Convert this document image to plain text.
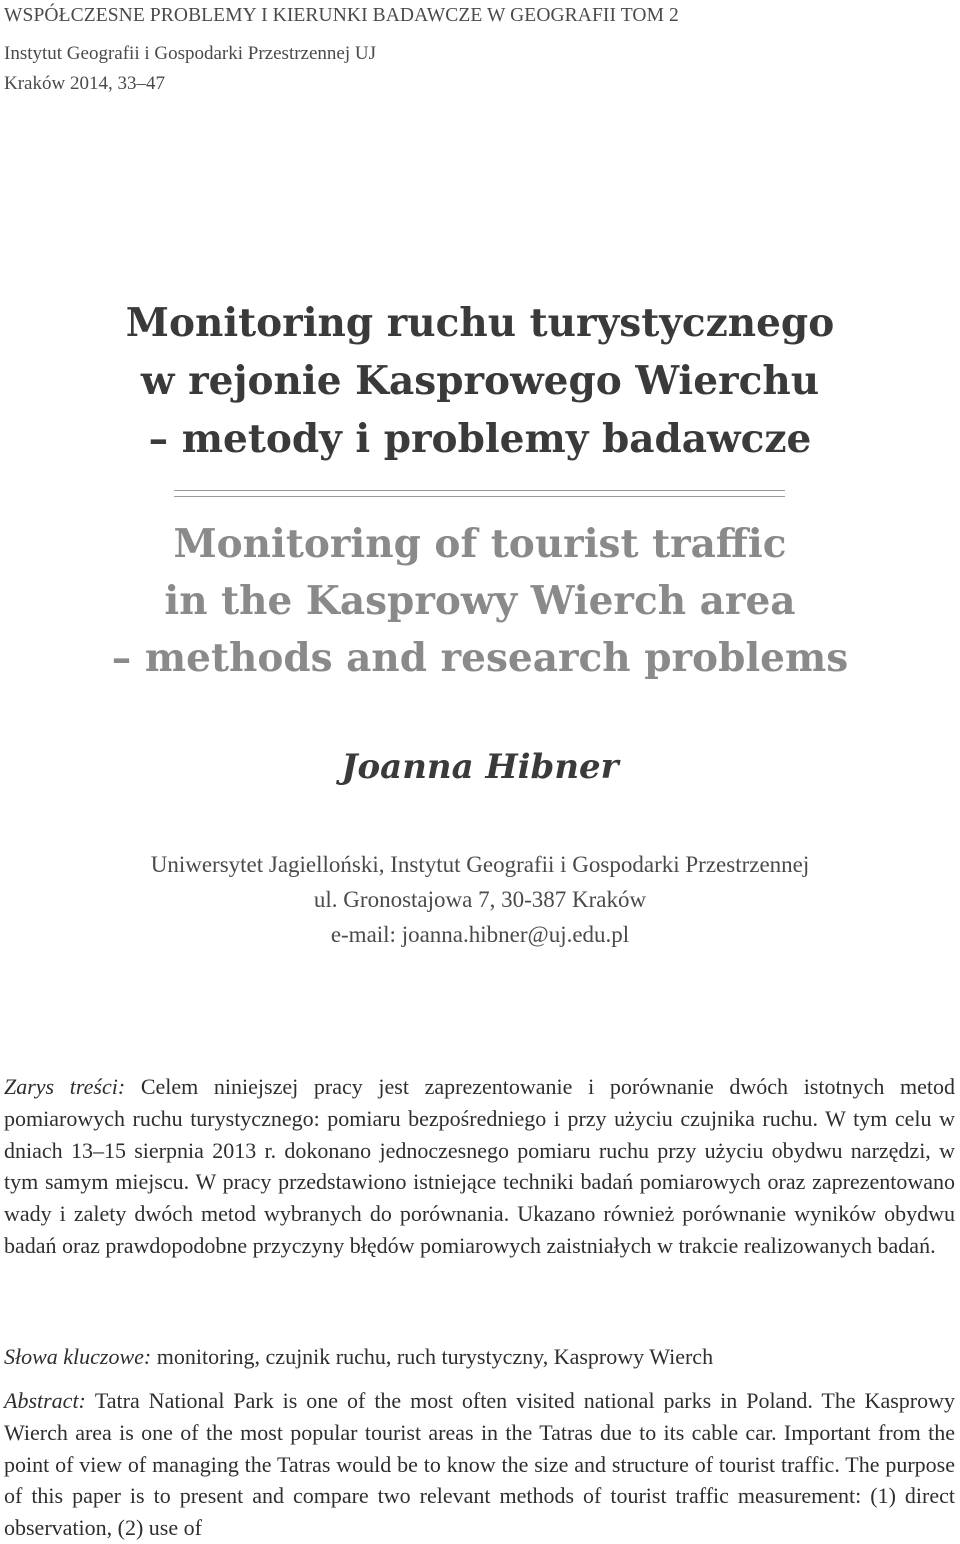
WSPÓŁCZESNE PROBLEMY I KIERUNKI BADAWCZE W GEOGRAFII TOM 2
Instytut Geografii i Gospodarki Przestrzennej UJ
Kraków 2014, 33–47
Monitoring ruchu turystycznego
w rejonie Kasprowego Wierchu
– metody i problemy badawcze
Monitoring of tourist traffic
in the Kasprowy Wierch area
– methods and research problems
Joanna Hibner
Uniwersytet Jagielloński, Instytut Geografii i Gospodarki Przestrzennej
ul. Gronostajowa 7, 30-387 Kraków
e-mail: joanna.hibner@uj.edu.pl
Zarys treści: Celem niniejszej pracy jest zaprezentowanie i porównanie dwóch istotnych metod pomiarowych ruchu turystycznego: pomiaru bezpośredniego i przy użyciu czujnika ruchu. W tym celu w dniach 13–15 sierpnia 2013 r. dokonano jednoczesnego pomiaru ruchu przy użyciu obydwu narzędzi, w tym samym miejscu. W pracy przedstawiono istniejące techniki badań pomiarowych oraz zaprezentowano wady i zalety dwóch metod wybranych do porównania. Ukazano również porównanie wyników obydwu badań oraz prawdopodobne przyczyny błędów pomiarowych zaistniałych w trakcie realizowanych badań.
Słowa kluczowe: monitoring, czujnik ruchu, ruch turystyczny, Kasprowy Wierch
Abstract: Tatra National Park is one of the most often visited national parks in Poland. The Kasprowy Wierch area is one of the most popular tourist areas in the Tatras due to its cable car. Important from the point of view of managing the Tatras would be to know the size and structure of tourist traffic. The purpose of this paper is to present and compare two relevant methods of tourist traffic measurement: (1) direct observation, (2) use of
